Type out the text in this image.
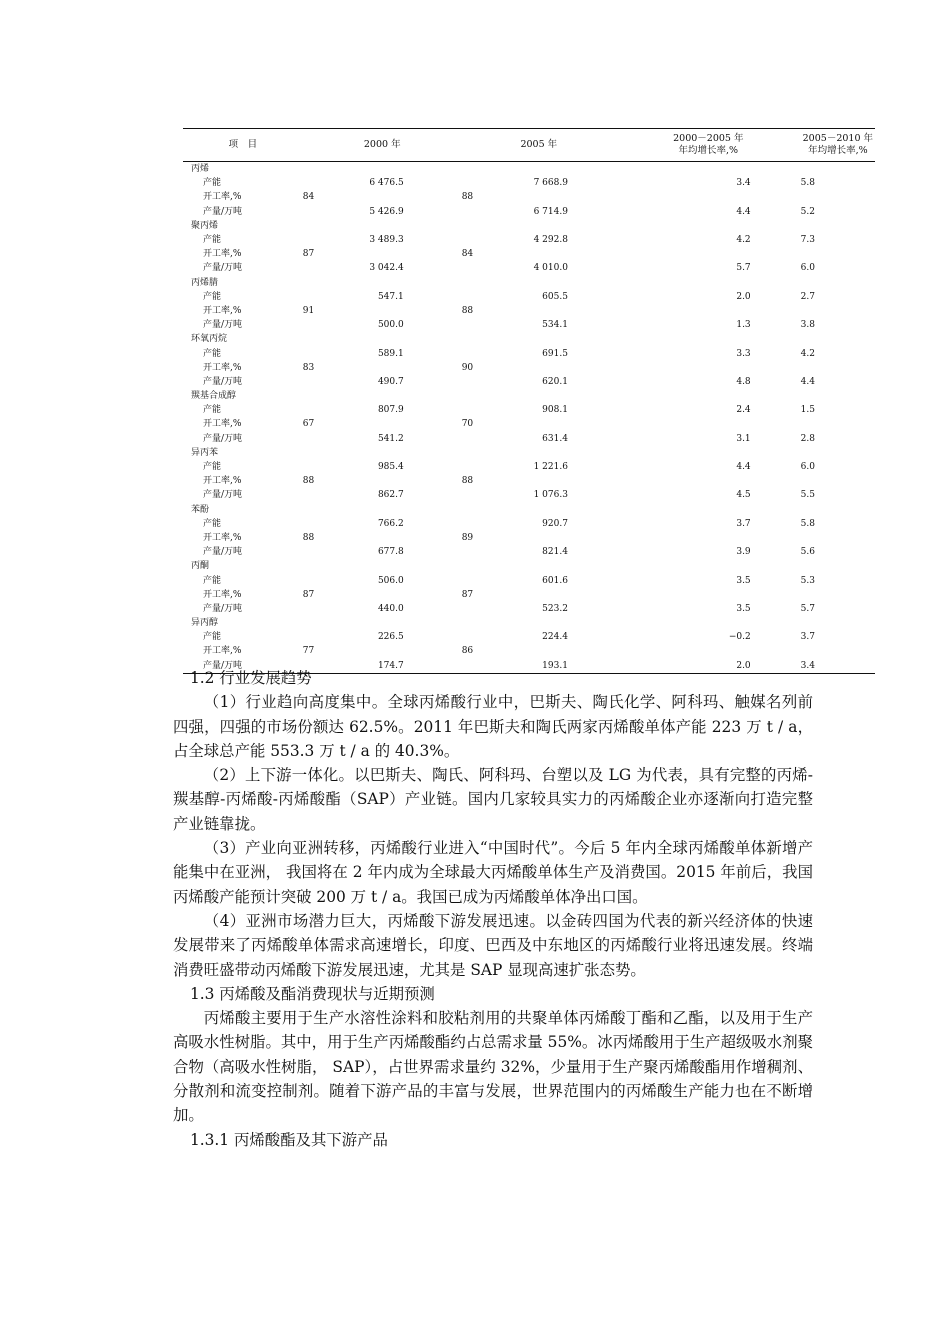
项　目	2000 年	2005 年	2000－2005 年
年均增长率,%	2005－2010 年
年均增长率,%
丙烯				
产能	6 476.5	7 668.9	3.4	5.8
开工率,%	84	88		
产量/万吨	5 426.9	6 714.9	4.4	5.2
聚丙烯				
产能	3 489.3	4 292.8	4.2	7.3
开工率,%	87	84		
产量/万吨	3 042.4	4 010.0	5.7	6.0
丙烯腈				
产能	547.1	605.5	2.0	2.7
开工率,%	91	88		
产量/万吨	500.0	534.1	1.3	3.8
环氧丙烷				
产能	589.1	691.5	3.3	4.2
开工率,%	83	90		
产量/万吨	490.7	620.1	4.8	4.4
羰基合成醇				
产能	807.9	908.1	2.4	1.5
开工率,%	67	70		
产量/万吨	541.2	631.4	3.1	2.8
异丙苯				
产能	985.4	1 221.6	4.4	6.0
开工率,%	88	88		
产量/万吨	862.7	1 076.3	4.5	5.5
苯酚				
产能	766.2	920.7	3.7	5.8
开工率,%	88	89		
产量/万吨	677.8	821.4	3.9	5.6
丙酮				
产能	506.0	601.6	3.5	5.3
开工率,%	87	87		
产量/万吨	440.0	523.2	3.5	5.7
异丙醇				
产能	226.5	224.4	−0.2	3.7
开工率,%	77	86		
产量/万吨	174.7	193.1	2.0	3.4

1.2 行业发展趋势

（1）行业趋向高度集中。全球丙烯酸行业中，巴斯夫、陶氏化学、阿科玛、触媒名列前四强，四强的市场份额达 62.5%。2011 年巴斯夫和陶氏两家丙烯酸单体产能 223 万 t / a，占全球总产能 553.3 万 t / a 的 40.3%。

（2）上下游一体化。以巴斯夫、陶氏、阿科玛、台塑以及 LG 为代表，具有完整的丙烯-羰基醇-丙烯酸-丙烯酸酯（SAP）产业链。国内几家较具实力的丙烯酸企业亦逐渐向打造完整产业链靠拢。

（3）产业向亚洲转移，丙烯酸行业进入“中国时代”。今后 5 年内全球丙烯酸单体新增产能集中在亚洲， 我国将在 2 年内成为全球最大丙烯酸单体生产及消费国。2015 年前后，我国丙烯酸产能预计突破 200 万 t / a。我国已成为丙烯酸单体净出口国。

（4）亚洲市场潜力巨大，丙烯酸下游发展迅速。以金砖四国为代表的新兴经济体的快速发展带来了丙烯酸单体需求高速增长，印度、巴西及中东地区的丙烯酸行业将迅速发展。终端消费旺盛带动丙烯酸下游发展迅速，尤其是 SAP 显现高速扩张态势。

1.3 丙烯酸及酯消费现状与近期预测

丙烯酸主要用于生产水溶性涂料和胶粘剂用的共聚单体丙烯酸丁酯和乙酯，以及用于生产高吸水性树脂。其中，用于生产丙烯酸酯约占总需求量 55%。冰丙烯酸用于生产超级吸水剂聚合物（高吸水性树脂， SAP），占世界需求量约 32%，少量用于生产聚丙烯酸酯用作增稠剂、分散剂和流变控制剂。随着下游产品的丰富与发展，世界范围内的丙烯酸生产能力也在不断增加。

1.3.1 丙烯酸酯及其下游产品
